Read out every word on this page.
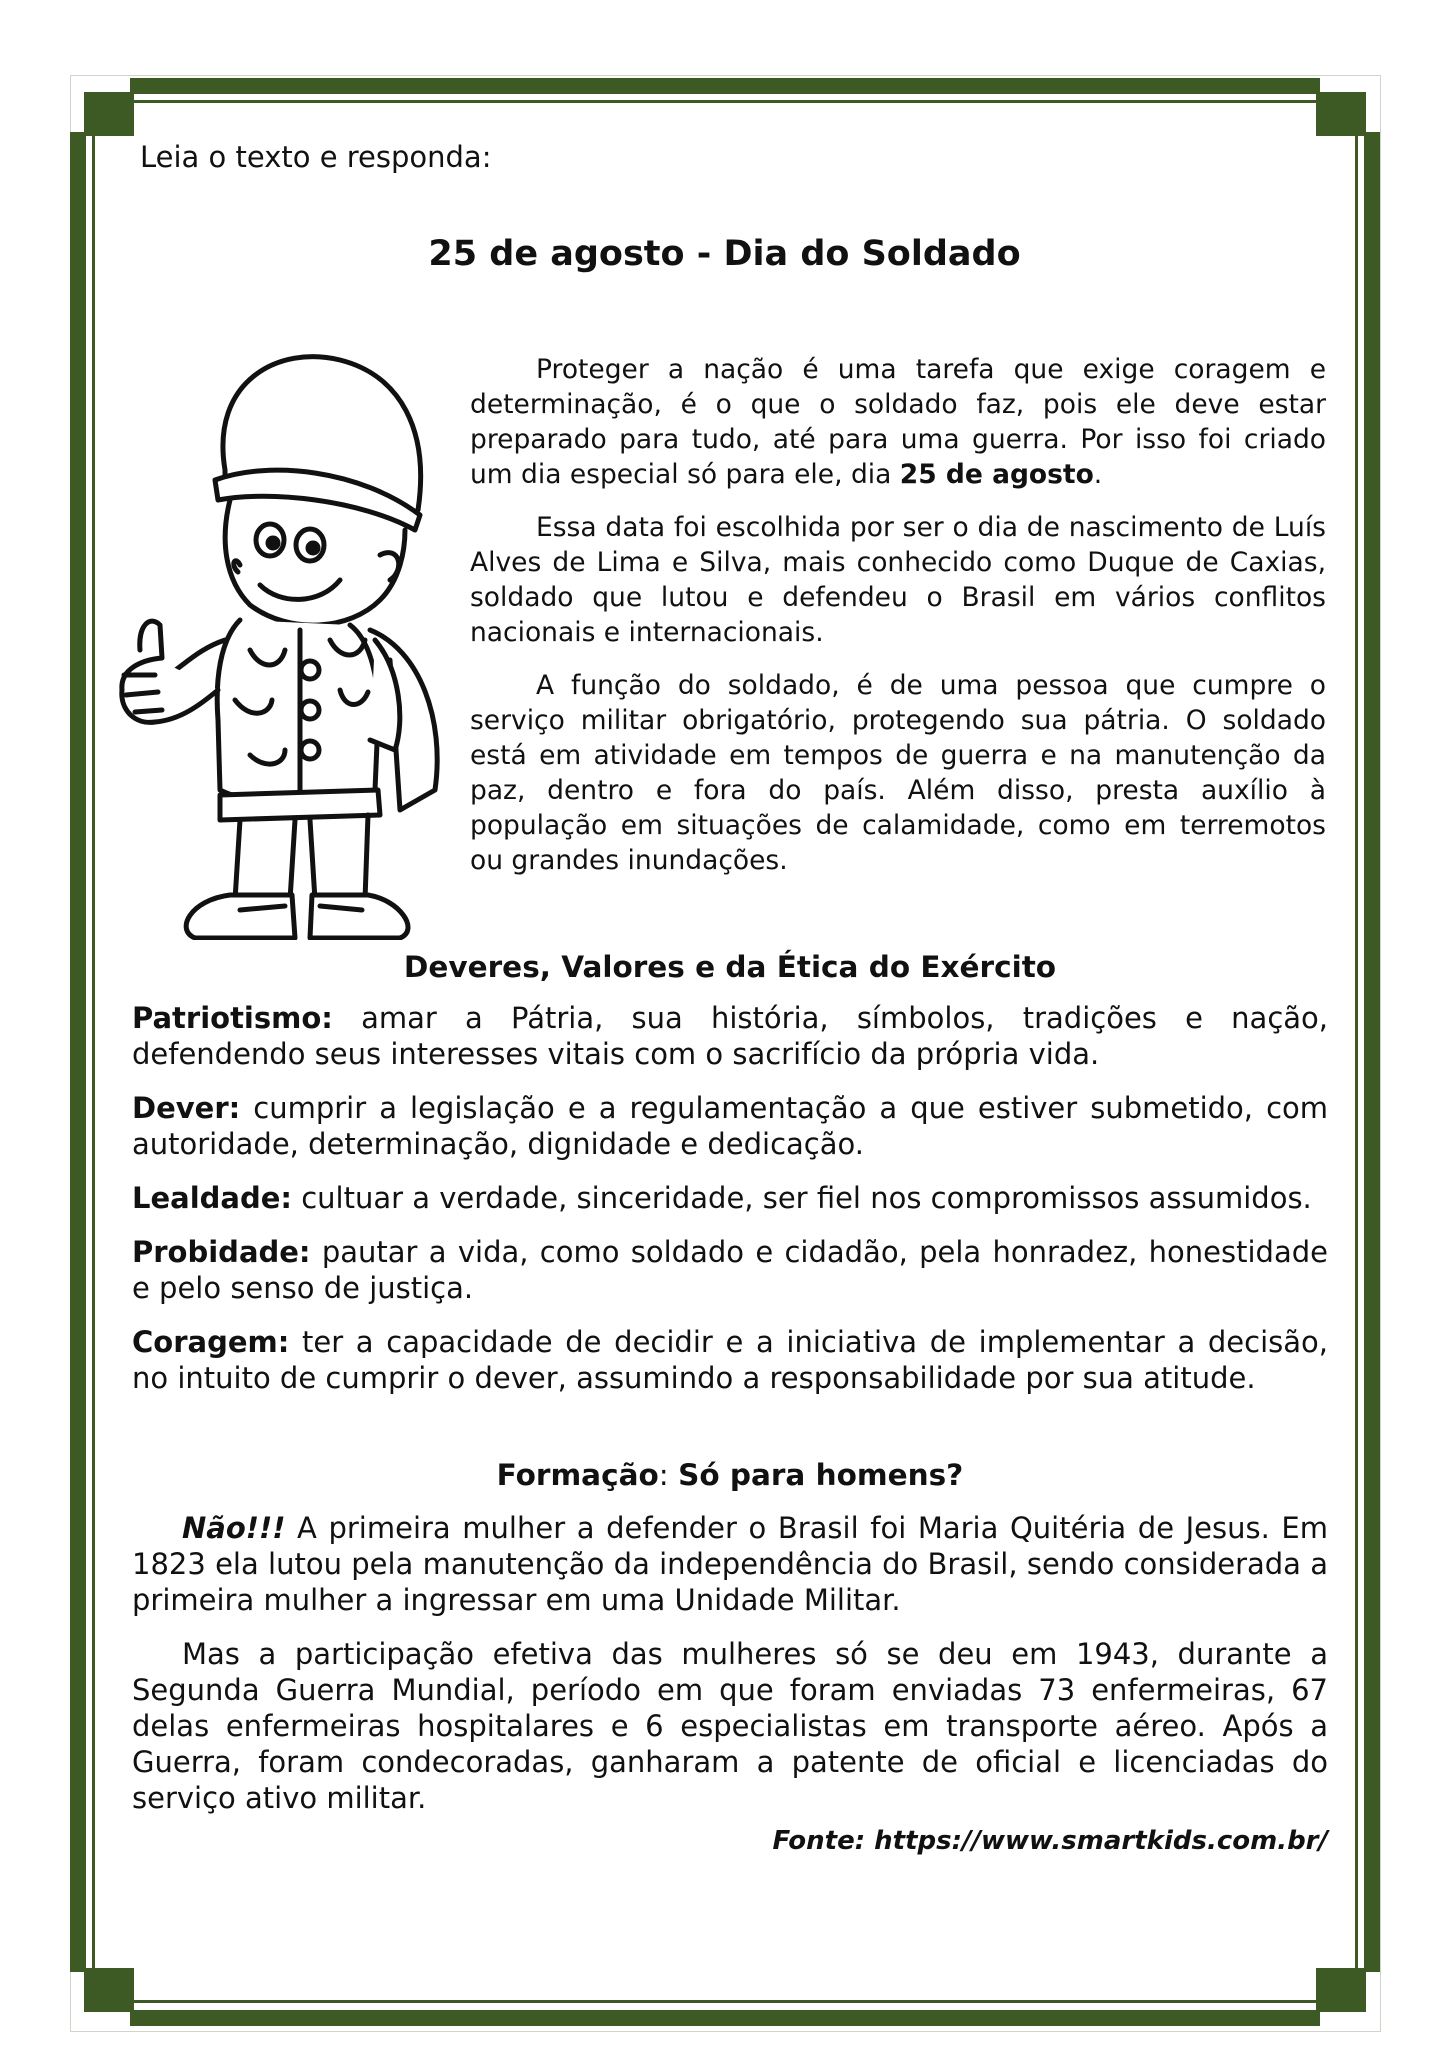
Leia o texto e responda:
25 de agosto - Dia do Soldado

Proteger a nação é uma tarefa que exige coragem e determinação, é o que o soldado faz, pois ele deve estar preparado para tudo, até para uma guerra. Por isso foi criado um dia especial só para ele, dia 25 de agosto.

Essa data foi escolhida por ser o dia de nascimento de Luís Alves de Lima e Silva, mais conhecido como Duque de Caxias, soldado que lutou e defendeu o Brasil em vários conflitos nacionais e internacionais.

A função do soldado, é de uma pessoa que cumpre o serviço militar obrigatório, protegendo sua pátria. O soldado está em atividade em tempos de guerra e na manutenção da paz, dentro e fora do país. Além disso, presta auxílio à população em situações de calamidade, como em terremotos ou grandes inundações.

Deveres, Valores e da Ética do Exército

Patriotismo: amar a Pátria, sua história, símbolos, tradições e nação, defendendo seus interesses vitais com o sacrifício da própria vida.

Dever: cumprir a legislação e a regulamentação a que estiver submetido, com autoridade, determinação, dignidade e dedicação.

Lealdade: cultuar a verdade, sinceridade, ser fiel nos compromissos assumidos.

Probidade: pautar a vida, como soldado e cidadão, pela honradez, honestidade e pelo senso de justiça.

Coragem: ter a capacidade de decidir e a iniciativa de implementar a decisão, no intuito de cumprir o dever, assumindo a responsabilidade por sua atitude.

Formação: Só para homens?

Não!!! A primeira mulher a defender o Brasil foi Maria Quitéria de Jesus. Em 1823 ela lutou pela manutenção da independência do Brasil, sendo considerada a primeira mulher a ingressar em uma Unidade Militar.

Mas a participação efetiva das mulheres só se deu em 1943, durante a Segunda Guerra Mundial, período em que foram enviadas 73 enfermeiras, 67 delas enfermeiras hospitalares e 6 especialistas em transporte aéreo. Após a Guerra, foram condecoradas, ganharam a patente de oficial e licenciadas do serviço ativo militar.

Fonte: https://www.smartkids.com.br/
